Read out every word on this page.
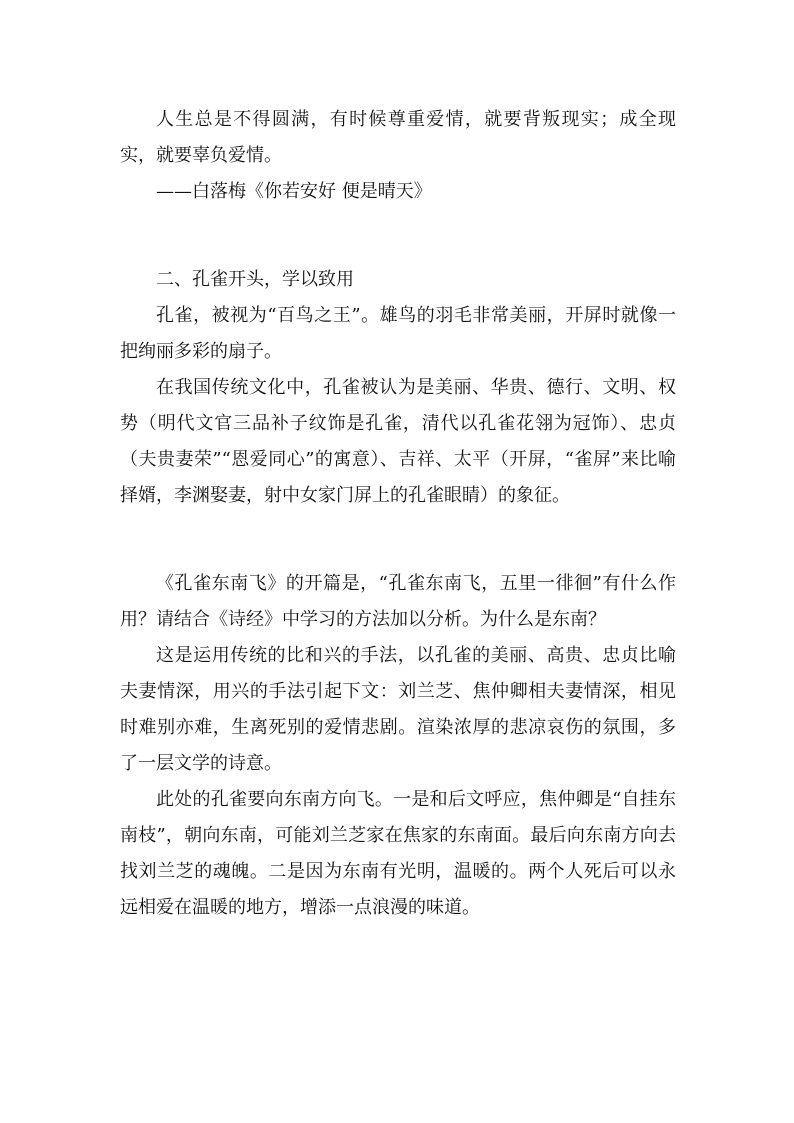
人生总是不得圆满，有时候尊重爱情，就要背叛现实；成全现实，就要辜负爱情。

——白落梅《你若安好 便是晴天》

二、孔雀开头，学以致用

孔雀，被视为“百鸟之王”。雄鸟的羽毛非常美丽，开屏时就像一把绚丽多彩的扇子。

在我国传统文化中，孔雀被认为是美丽、华贵、德行、文明、权势（明代文官三品补子纹饰是孔雀，清代以孔雀花翎为冠饰）、忠贞（夫贵妻荣”“恩爱同心”的寓意）、吉祥、太平（开屏，“雀屏”来比喻择婿，李渊娶妻，射中女家门屏上的孔雀眼睛）的象征。

《孔雀东南飞》的开篇是，“孔雀东南飞，五里一徘徊”有什么作用？请结合《诗经》中学习的方法加以分析。为什么是东南？

这是运用传统的比和兴的手法，以孔雀的美丽、高贵、忠贞比喻夫妻情深，用兴的手法引起下文：刘兰芝、焦仲卿相夫妻情深，相见时难别亦难，生离死别的爱情悲剧。渲染浓厚的悲凉哀伤的氛围，多了一层文学的诗意。

此处的孔雀要向东南方向飞。一是和后文呼应，焦仲卿是“自挂东南枝”，朝向东南，可能刘兰芝家在焦家的东南面。最后向东南方向去找刘兰芝的魂魄。二是因为东南有光明，温暖的。两个人死后可以永远相爱在温暖的地方，增添一点浪漫的味道。
